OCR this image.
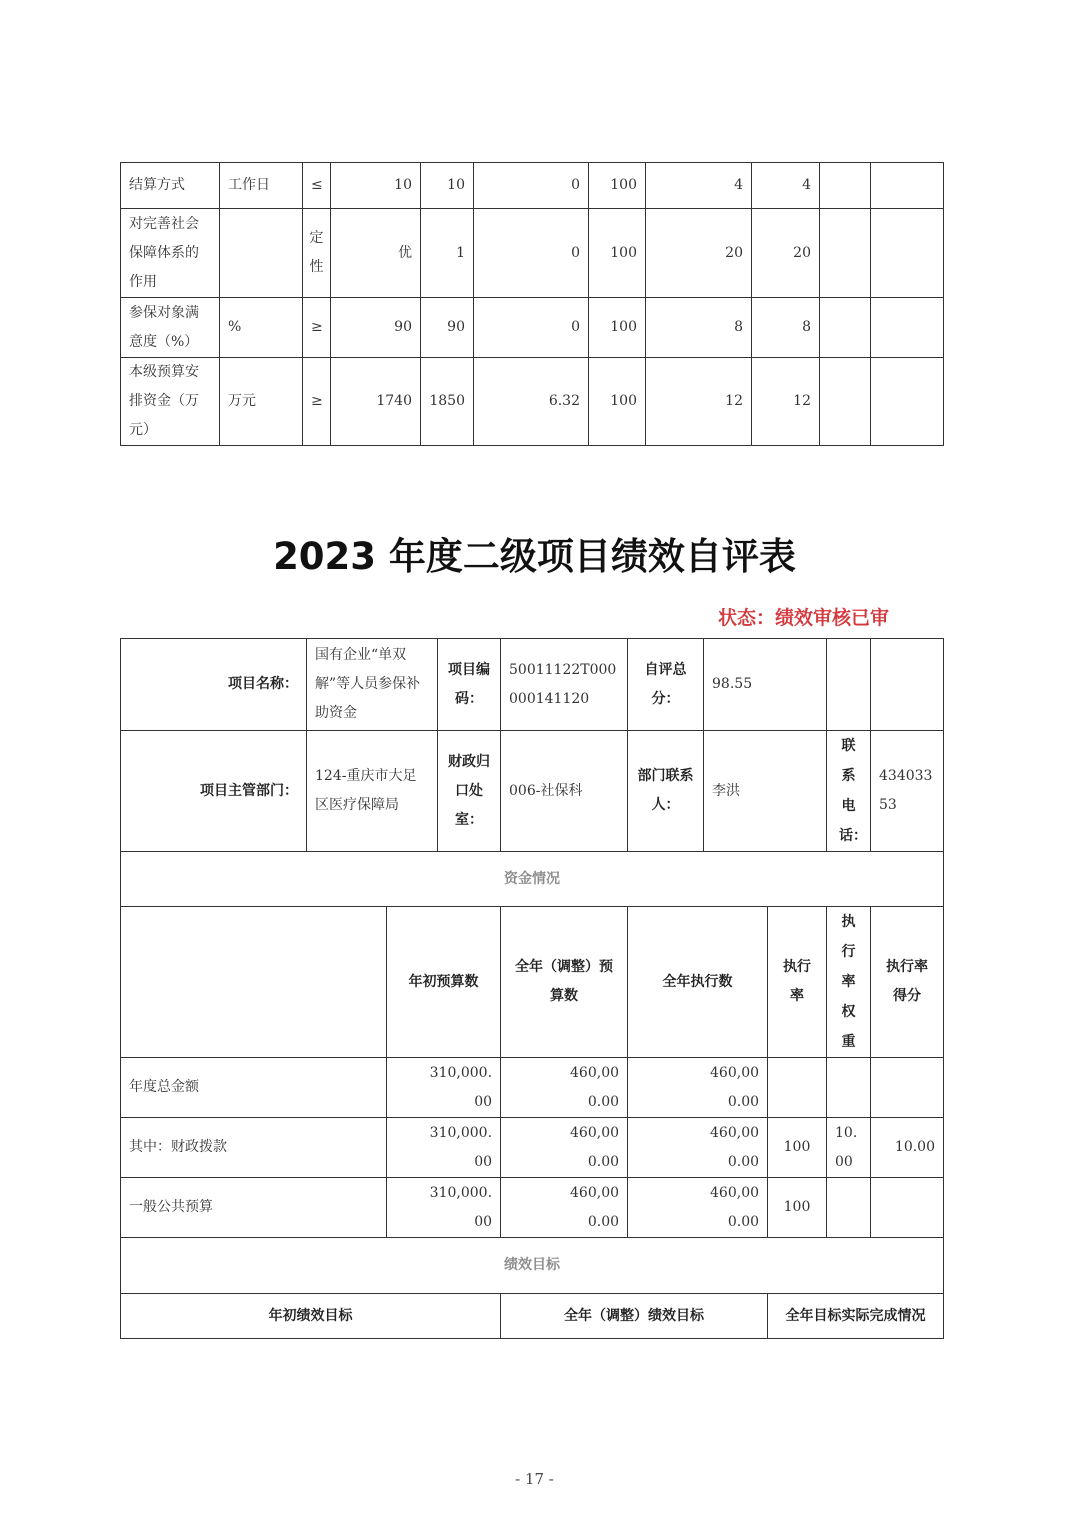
结算方式	工作日	≤	10	10	0	100	4	4		
对完善社会保障体系的作用		定性	优	1	0	100	20	20		
参保对象满意度（%）	%	≥	90	90	0	100	8	8		
本级预算安排资金（万元）	万元	≥	1740	1850	6.32	100	12	12		
2023 年度二级项目绩效自评表
状态：绩效审核已审
项目名称：	国有企业“单双解”等人员参保补助资金		项目编码：	50011122T000000141120	自评总分：	98.55			
项目主管部门：	124-重庆市大足区医疗保障局		财政归口处室：	006-社保科	部门联系人：	李洪		联系电话：	43403353
资金情况									
		年初预算数		全年（调整）预算数	全年执行数		执行率	执行率权重	执行率得分
年度总金额		310,000.00		460,000.00	460,000.00				
其中：财政拨款		310,000.00		460,000.00	460,000.00		100	10.00	10.00
一般公共预算		310,000.00		460,000.00	460,000.00		100		
绩效目标									
年初绩效目标				全年（调整）绩效目标			全年目标实际完成情况		
- 17 -
